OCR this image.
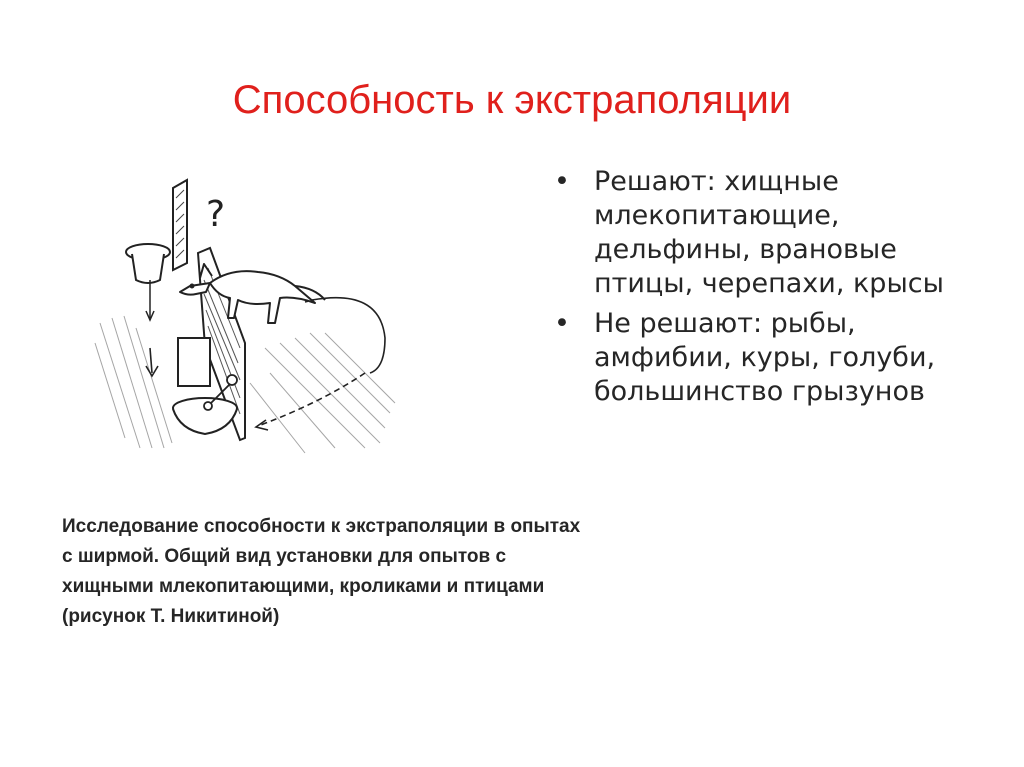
Способность к экстраполяции
?
• Решают: хищные млекопитающие, дельфины, врановые птицы, черепахи, крысы
• Не решают: рыбы, амфибии, куры, голуби, большинство грызунов
Исследование способности к экстраполяции в опытах с ширмой. Общий вид установки для опытов с хищными млекопитающими, кроликами и птицами (рисунок Т. Никитиной)
